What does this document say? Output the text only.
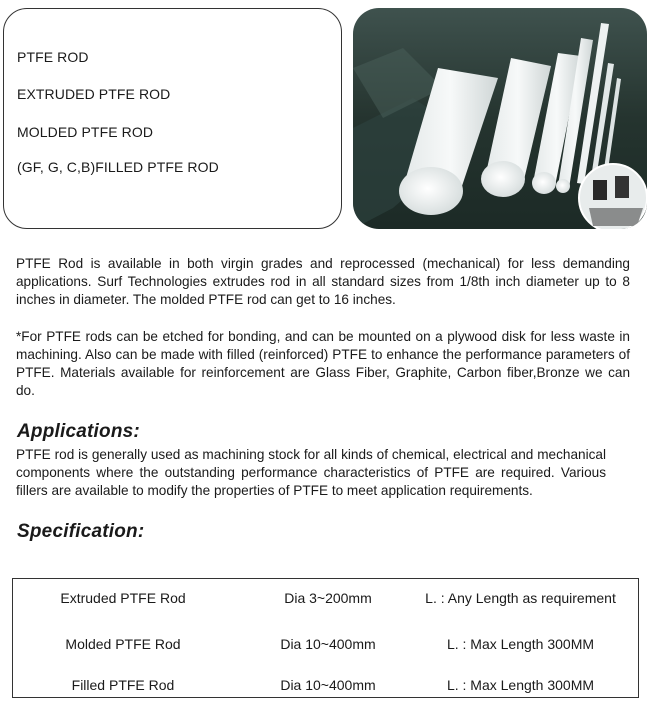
PTFE ROD
EXTRUDED PTFE ROD
MOLDED PTFE ROD
(GF, G, C,B)FILLED PTFE ROD

PTFE Rod is available in both virgin grades and reprocessed (mechanical) for less demanding applications. Surf Technologies extrudes rod in all standard sizes from 1/8th inch diameter up to 8 inches in diameter. The molded PTFE rod can get to 16 inches.

*For PTFE rods can be etched for bonding, and can be mounted on a plywood disk for less waste in machining. Also can be made with filled (reinforced) PTFE to enhance the performance parameters of PTFE. Materials available for reinforcement are Glass Fiber, Graphite, Carbon fiber,Bronze we can do.

Applications:

PTFE rod is generally used as machining stock for all kinds of chemical, electrical and mechanical components where the outstanding performance characteristics of PTFE are required. Various fillers are available to modify the properties of PTFE to meet application requirements.

Specification:
Extruded PTFE Rod	Dia 3~200mm	L. : Any Length as requirement
Molded PTFE Rod	Dia 10~400mm	L. : Max Length 300MM
Filled PTFE Rod	Dia 10~400mm	L. : Max Length 300MM
